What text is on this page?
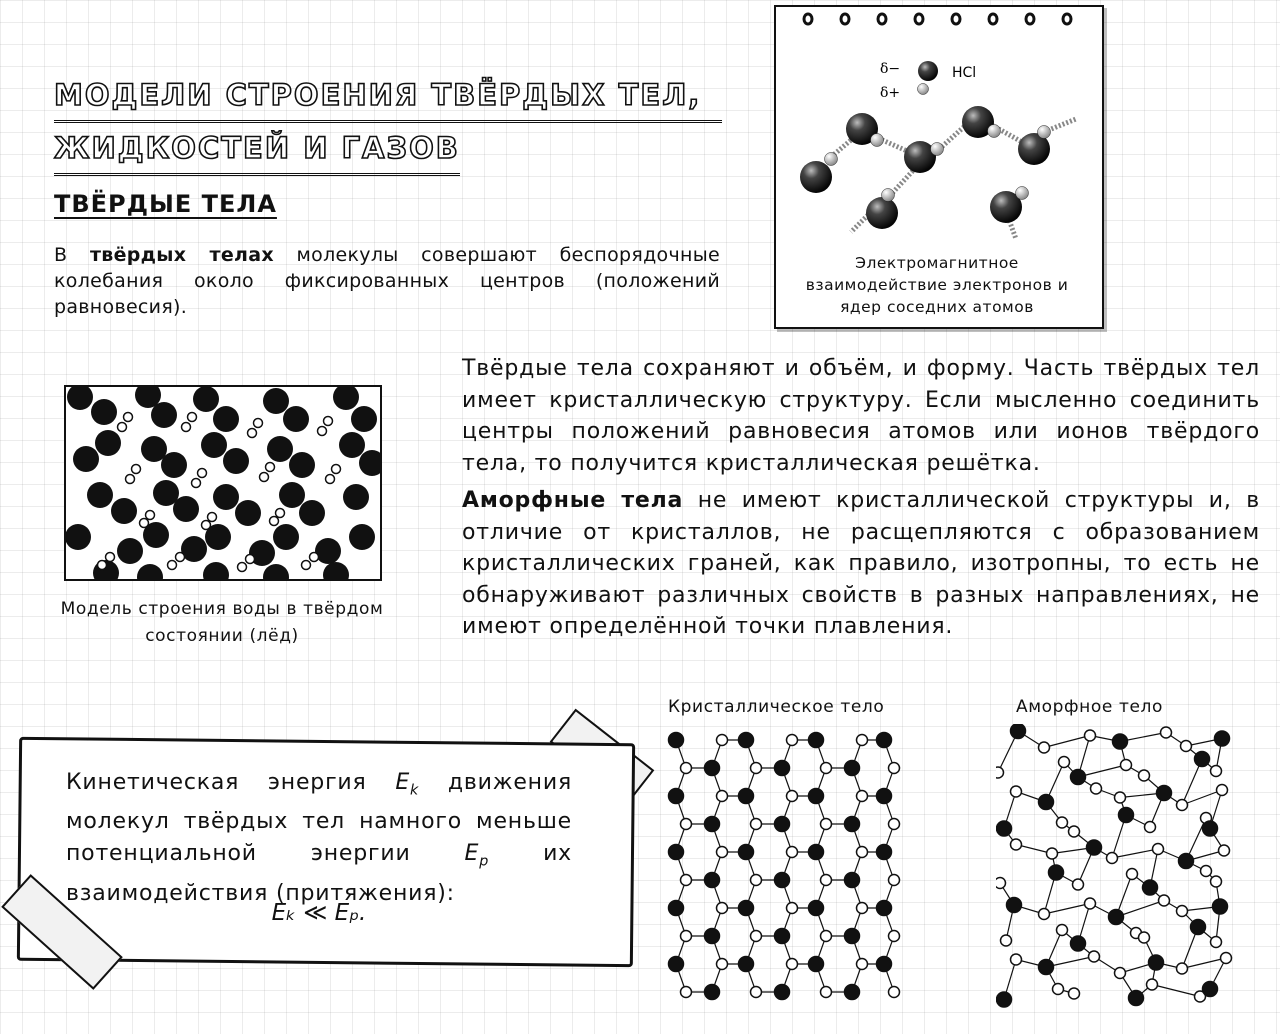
МОДЕЛИ СТРОЕНИЯ ТВЁРДЫХ ТЕЛ,
ЖИДКОСТЕЙ И ГАЗОВ
ТВЁРДЫЕ ТЕЛА

В твёрдых телах молекулы совершают беспорядочные колебания около фиксированных центров (положений равновесия).

δ−
δ+
HCl

Электромагнитное взаимодействие электронов и ядер соседних атомов

Модель строения воды в твёрдом состоянии (лёд)

Твёрдые тела сохраняют и объём, и форму. Часть твёрдых тел имеет кристаллическую структуру. Если мысленно соединить центры положений равновесия атомов или ионов твёрдого тела, то получится кристаллическая решётка.

Аморфные тела не имеют кристаллической структуры и, в отличие от кристаллов, не расщепляются с образованием кристаллических граней, как правило, изотропны, то есть не обнаруживают различных свойств в разных направлениях, не имеют определённой точки плавления.

Кинетическая энергия $E_k$ движения молекул твёрдых тел намного меньше потенциальной энергии $E_p$ их взаимодействия (притяжения):

Eₖ ≪ Eₚ.

Кристаллическое тело	Аморфное тело
